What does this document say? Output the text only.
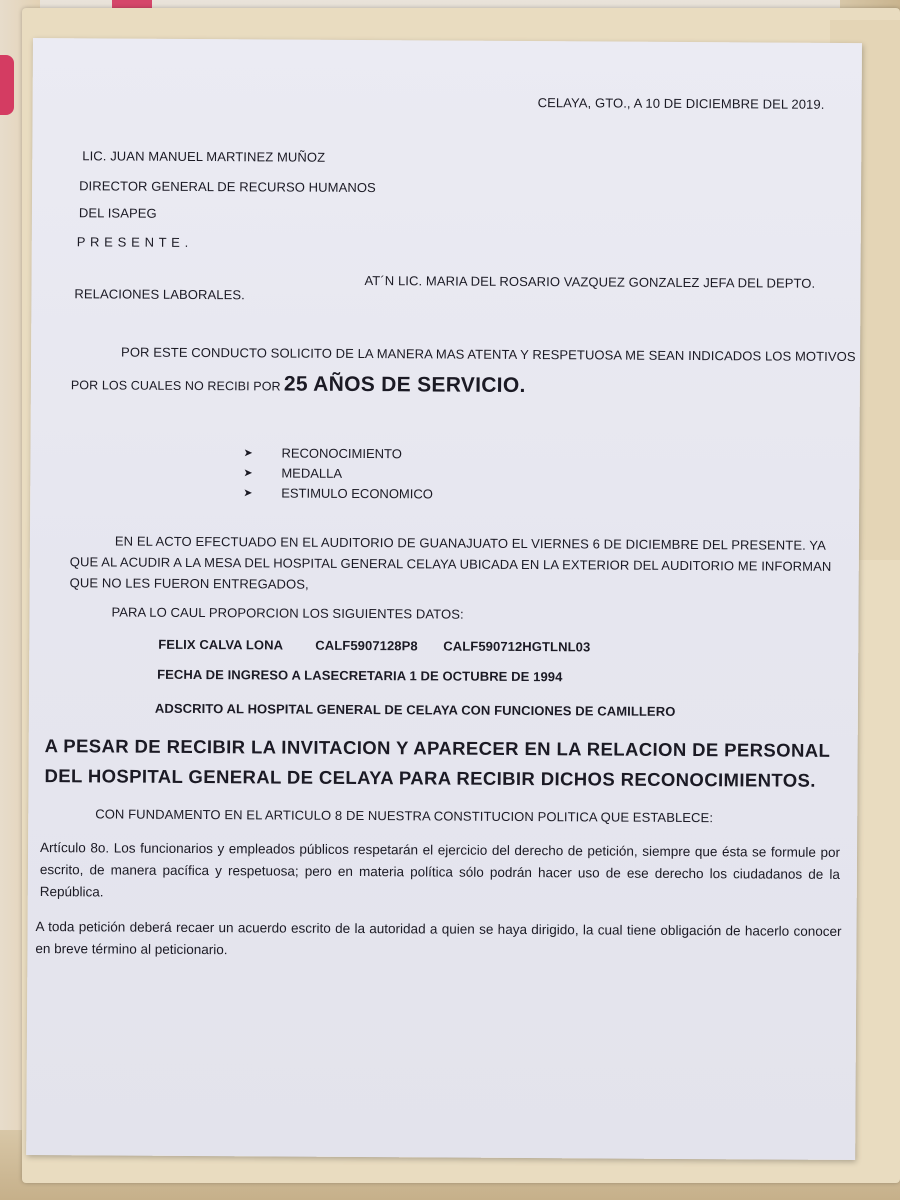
CELAYA, GTO., A 10 DE DICIEMBRE DEL 2019.
LIC. JUAN MANUEL MARTINEZ MUÑOZ
DIRECTOR GENERAL DE RECURSO HUMANOS
DEL ISAPEG
P R E S E N T E .
AT´N LIC. MARIA DEL ROSARIO VAZQUEZ GONZALEZ JEFA DEL DEPTO.
RELACIONES LABORALES.
POR ESTE CONDUCTO SOLICITO DE LA MANERA MAS ATENTA Y RESPETUOSA ME SEAN INDICADOS LOS MOTIVOS
POR LOS CUALES NO RECIBI POR 25 AÑOS DE SERVICIO.
➤	RECONOCIMIENTO
➤	MEDALLA
➤	ESTIMULO ECONOMICO
EN EL ACTO EFECTUADO EN EL AUDITORIO DE GUANAJUATO EL VIERNES 6 DE DICIEMBRE DEL PRESENTE. YA
QUE AL ACUDIR A LA MESA DEL HOSPITAL GENERAL CELAYA UBICADA EN LA EXTERIOR DEL AUDITORIO ME INFORMAN
QUE NO LES FUERON ENTREGADOS,
PARA LO CAUL PROPORCION LOS SIGUIENTES DATOS:
FELIX CALVA LONA CALF5907128P8 CALF590712HGTLNL03
FECHA DE INGRESO A LASECRETARIA 1 DE OCTUBRE DE 1994
ADSCRITO AL HOSPITAL GENERAL DE CELAYA CON FUNCIONES DE CAMILLERO
A PESAR DE RECIBIR LA INVITACION Y APARECER EN LA RELACION DE PERSONAL
DEL HOSPITAL GENERAL DE CELAYA PARA RECIBIR DICHOS RECONOCIMIENTOS.
CON FUNDAMENTO EN EL ARTICULO 8 DE NUESTRA CONSTITUCION POLITICA QUE ESTABLECE:
Artículo 8o. Los funcionarios y empleados públicos respetarán el ejercicio del derecho de petición, siempre que ésta se formule por escrito, de manera pacífica y respetuosa; pero en materia política sólo podrán hacer uso de ese derecho los ciudadanos de la República.
A toda petición deberá recaer un acuerdo escrito de la autoridad a quien se haya dirigido, la cual tiene obligación de hacerlo conocer en breve término al peticionario.
